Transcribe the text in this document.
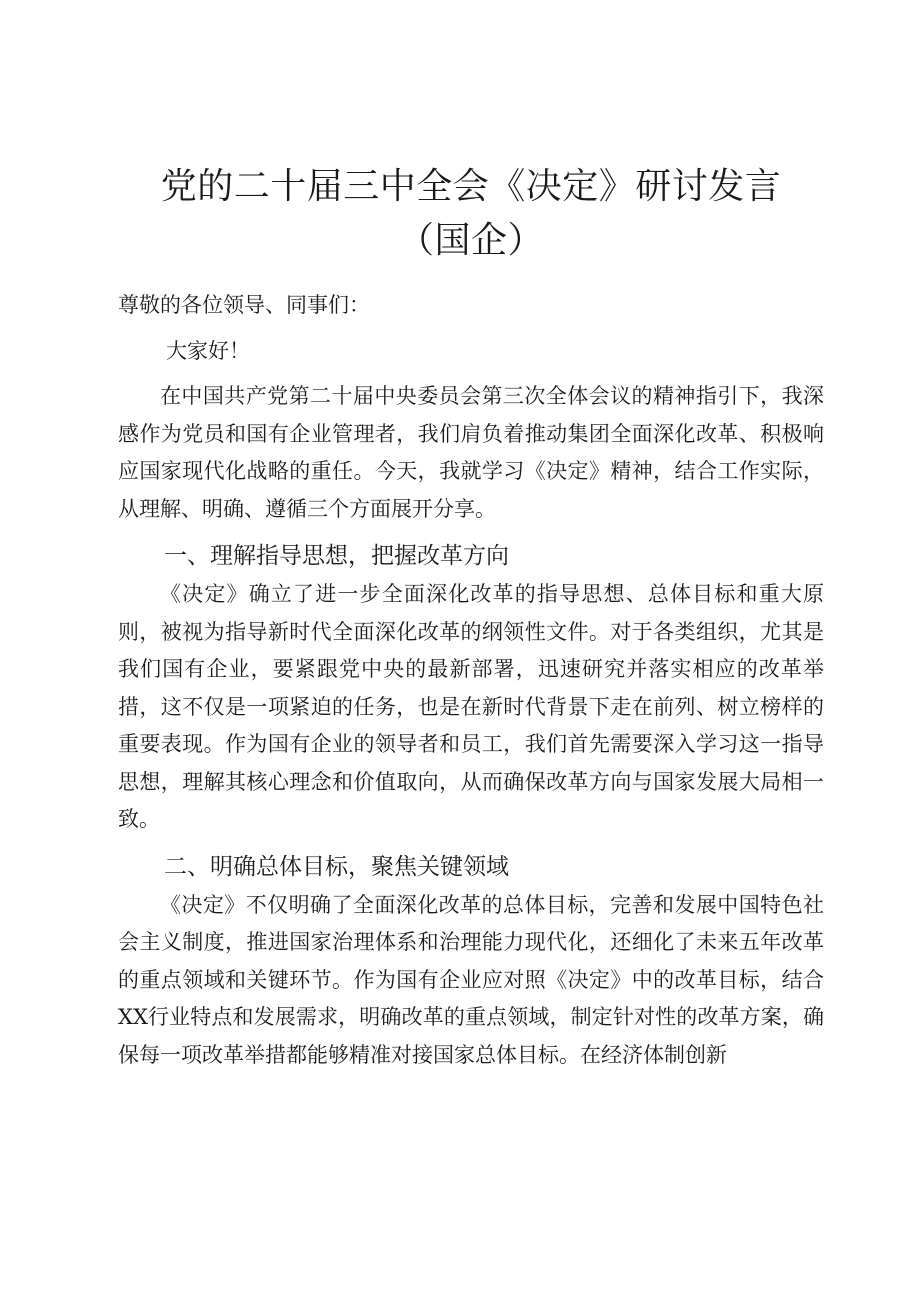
党的二十届三中全会《决定》研讨发言（国企）

尊敬的各位领导、同事们：

大家好！

在中国共产党第二十届中央委员会第三次全体会议的精神指引下，我深感作为党员和国有企业管理者，我们肩负着推动集团全面深化改革、积极响应国家现代化战略的重任。今天，我就学习《决定》精神，结合工作实际，从理解、明确、遵循三个方面展开分享。

一、理解指导思想，把握改革方向

《决定》确立了进一步全面深化改革的指导思想、总体目标和重大原则，被视为指导新时代全面深化改革的纲领性文件。对于各类组织，尤其是我们国有企业，要紧跟党中央的最新部署，迅速研究并落实相应的改革举措，这不仅是一项紧迫的任务，也是在新时代背景下走在前列、树立榜样的重要表现。作为国有企业的领导者和员工，我们首先需要深入学习这一指导思想，理解其核心理念和价值取向，从而确保改革方向与国家发展大局相一致。

二、明确总体目标，聚焦关键领域

《决定》不仅明确了全面深化改革的总体目标，完善和发展中国特色社会主义制度，推进国家治理体系和治理能力现代化，还细化了未来五年改革的重点领域和关键环节。作为国有企业应对照《决定》中的改革目标，结合XX行业特点和发展需求，明确改革的重点领域，制定针对性的改革方案，确保每一项改革举措都能够精准对接国家总体目标。在经济体制创新
